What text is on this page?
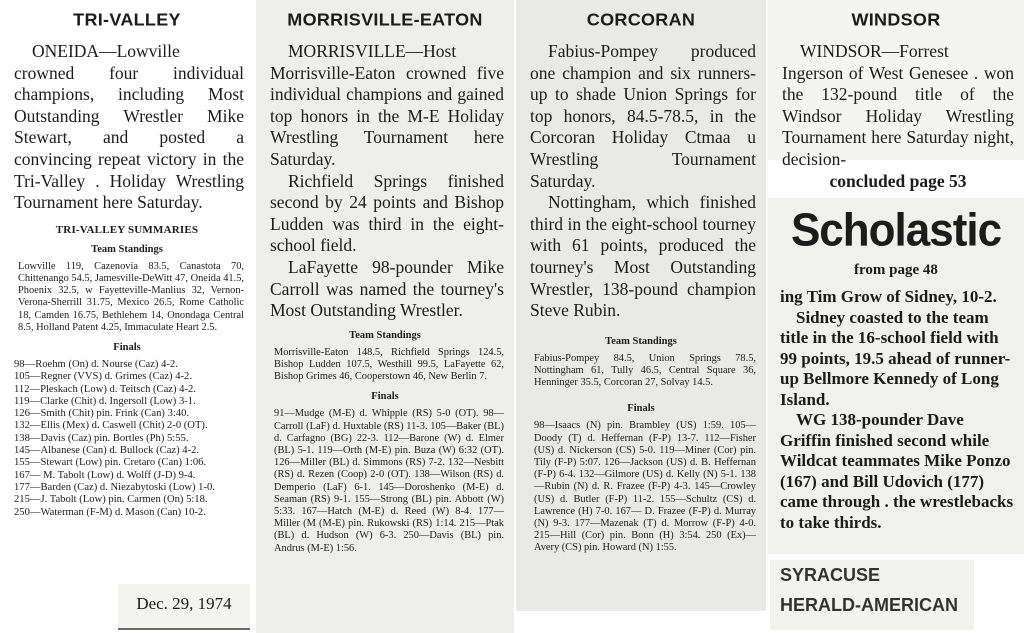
TRI-VALLEY

ONEIDA—Lowville crowned four individual champions, including Most Outstanding Wrestler Mike Stewart, and posted a convincing repeat victory in the Tri-Valley . Holiday Wrestling Tournament here Saturday.

TRI-VALLEY SUMMARIES
Team Standings
Lowville 119, Cazenovia 83.5, Canastota 70, Chittenango 54.5, Jamesville-DeWitt 47, Oneida 41.5, Phoenix 32.5, w Fayetteville-Manlius 32, Vernon-Verona-Sherrill 31.75, Mexico 26.5, Rome Catholic 18, Camden 16.75, Bethlehem 14, Onondaga Central 8.5, Holland Patent 4.25, Immaculate Heart 2.5.
Finals
98—Roehm (On) d. Nourse (Caz) 4-2.
105—Regner (VVS) d. Grimes (Caz) 4-2.
112—Pleskach (Low) d. Teitsch (Caz) 4-2.
119—Clarke (Chit) d. Ingersoll (Low) 3-1.
126—Smith (Chit) pin. Frink (Can) 3:40.
132—Ellis (Mex) d. Caswell (Chit) 2-0 (OT).
138—Davis (Caz) pin. Bortles (Ph) 5:55.
145—Albanese (Can) d. Bullock (Caz) 4-2.
155—Stewart (Low) pin. Cretaro (Can) 1:06.
167— M. Tabolt (Low) d. Wolff (J-D) 9-4.
177—Barden (Caz) d. Niezabytoski (Low) 1-0.
215—J. Tabolt (Low) pin. Carmen (On) 5:18.
250—Waterman (F-M) d. Mason (Can) 10-2.
Dec. 29, 1974
MORRISVILLE-EATON

MORRISVILLE—Host Morrisville-Eaton crowned five individual champions and gained top honors in the M-E Holiday Wrestling Tournament here Saturday.

Richfield Springs finished second by 24 points and Bishop Ludden was third in the eight-school field.

LaFayette 98-pounder Mike Carroll was named the tourney's Most Outstanding Wrestler.

Team Standings
Morrisville-Eaton 148.5, Richfield Springs 124.5, Bishop Ludden 107.5, Westhill 99.5, LaFayette 62, Bishop Grimes 46, Cooperstown 46, New Berlin 7.
Finals
91—Mudge (M-E) d. Whipple (RS) 5-0 (OT). 98—Carroll (LaF) d. Huxtable (RS) 11-3. 105—Baker (BL) d. Carfagno (BG) 22-3. 112—Barone (W) d. Elmer (BL) 5-1. 119—Orth (M-E) pin. Buza (W) 6:32 (OT). 126—Miller (BL) d. Simmons (RS) 7-2. 132—Nesbitt (RS) d. Rezen (Coop) 2-0 (OT). 138—Wilson (RS) d. Demperio (LaF) 6-1. 145—Doroshenko (M-E) d. Seaman (RS) 9-1. 155—Strong (BL) pin. Abbott (W) 5:33. 167—Hatch (M-E) d. Reed (W) 8-4. 177—Miller (M (M-E) pin. Rukowski (RS) 1:14. 215—Ptak (BL) d. Hudson (W) 6-3. 250—Davis (BL) pin. Andrus (M-E) 1:56.
CORCORAN

Fabius-Pompey produced one champion and six runners-up to shade Union Springs for top honors, 84.5-78.5, in the Corcoran Holiday Ctmaa u Wrestling Tournament Saturday.

Nottingham, which finished third in the eight-school tourney with 61 points, produced the tourney's Most Outstanding Wrestler, 138-pound champion Steve Rubin.

Team Standings
Fabius-Pompey 84.5, Union Springs 78.5, Nottingham 61, Tully 46.5, Central Square 36, Henninger 35.5, Corcoran 27, Solvay 14.5.
Finals
98—Isaacs (N) pin. Brambley (US) 1:59. 105—Doody (T) d. Heffernan (F-P) 13-7. 112—Fisher (US) d. Nickerson (CS) 5-0. 119—Miner (Cor) pin. Tily (F-P) 5:07. 126—Jackson (US) d. B. Heffernan (F-P) 6-4. 132—Gilmore (US) d. Kelly (N) 5-1. 138—Rubin (N) d. R. Frazee (F-P) 4-3. 145—Crowley (US) d. Butler (F-P) 11-2. 155—Schultz (CS) d. Lawrence (H) 7-0. 167— D. Frazee (F-P) d. Murray (N) 9-3. 177—Mazenak (T) d. Morrow (F-P) 4-0. 215—Hill (Cor) pin. Bonn (H) 3:54. 250 (Ex)—Avery (CS) pin. Howard (N) 1:55.
WINDSOR

WINDSOR—Forrest Ingerson of West Genesee . won the 132-pound title of the Windsor Holiday Wrestling Tournament here Saturday night, decision-

concluded page 53
Scholastic
from page 48

ing Tim Grow of Sidney, 10-2.

Sidney coasted to the team title in the 16-school field with 99 points, 19.5 ahead of runner-up Bellmore Kennedy of Long Island.

WG 138-pounder Dave Griffin finished second while Wildcat teammates Mike Ponzo (167) and Bill Udovich (177) came through . the wrestlebacks to take thirds.

SYRACUSE
HERALD-AMERICAN
